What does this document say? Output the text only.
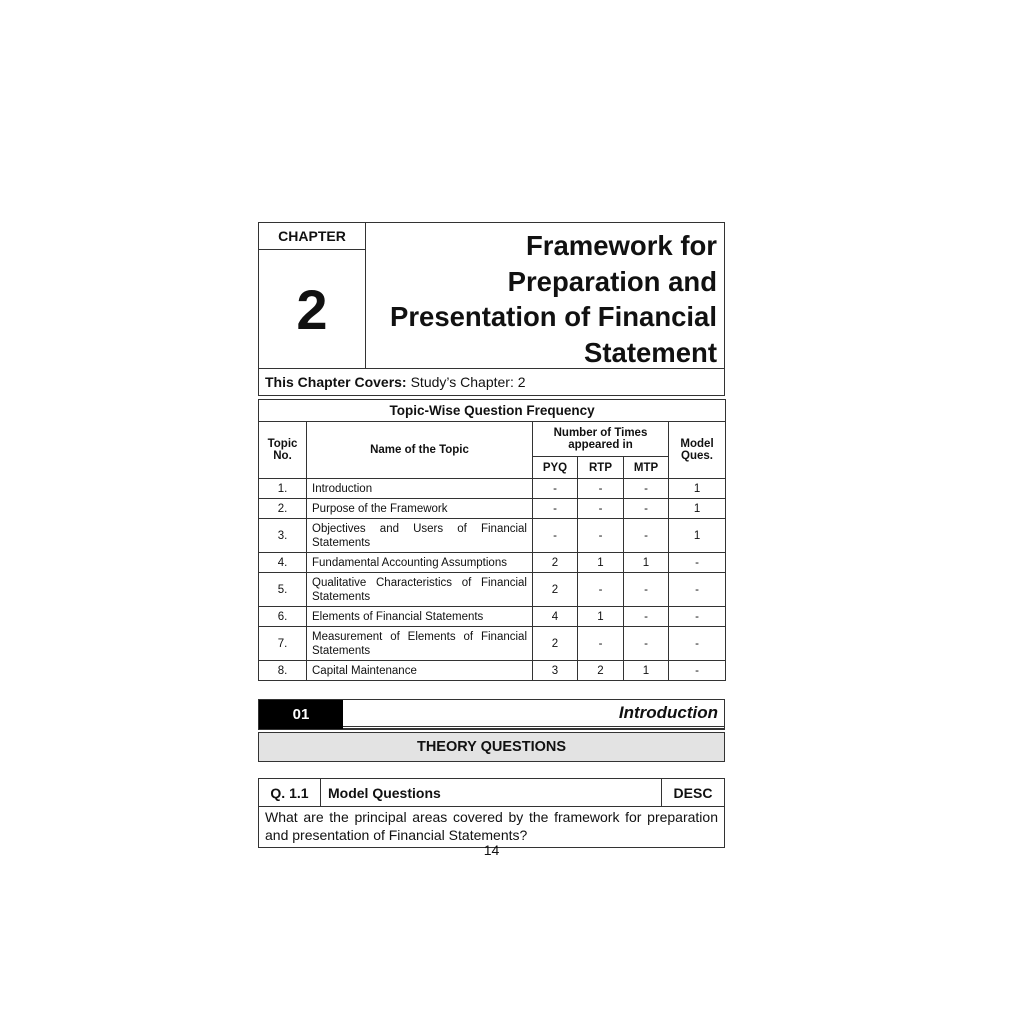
CHAPTER
2
Framework for Preparation and Presentation of Financial Statement
This Chapter Covers: Study’s Chapter: 2
Topic-Wise Question Frequency					
Topic No.	Name of the Topic	Number of Times appeared in			Model Ques.
		PYQ	RTP	MTP	
1.	Introduction	-	-	-	1
2.	Purpose of the Framework	-	-	-	1
3.	Objectives and Users of Financial Statements	-	-	-	1
4.	Fundamental Accounting Assumptions	2	1	1	-
5.	Qualitative Characteristics of Financial Statements	2	-	-	-
6.	Elements of Financial Statements	4	1	-	-
7.	Measurement of Elements of Financial Statements	2	-	-	-
8.	Capital Maintenance	3	2	1	-
01	Introduction
THEORY QUESTIONS
Q. 1.1	Model Questions	DESC
What are the principal areas covered by the framework for preparation and presentation of Financial Statements?
14
